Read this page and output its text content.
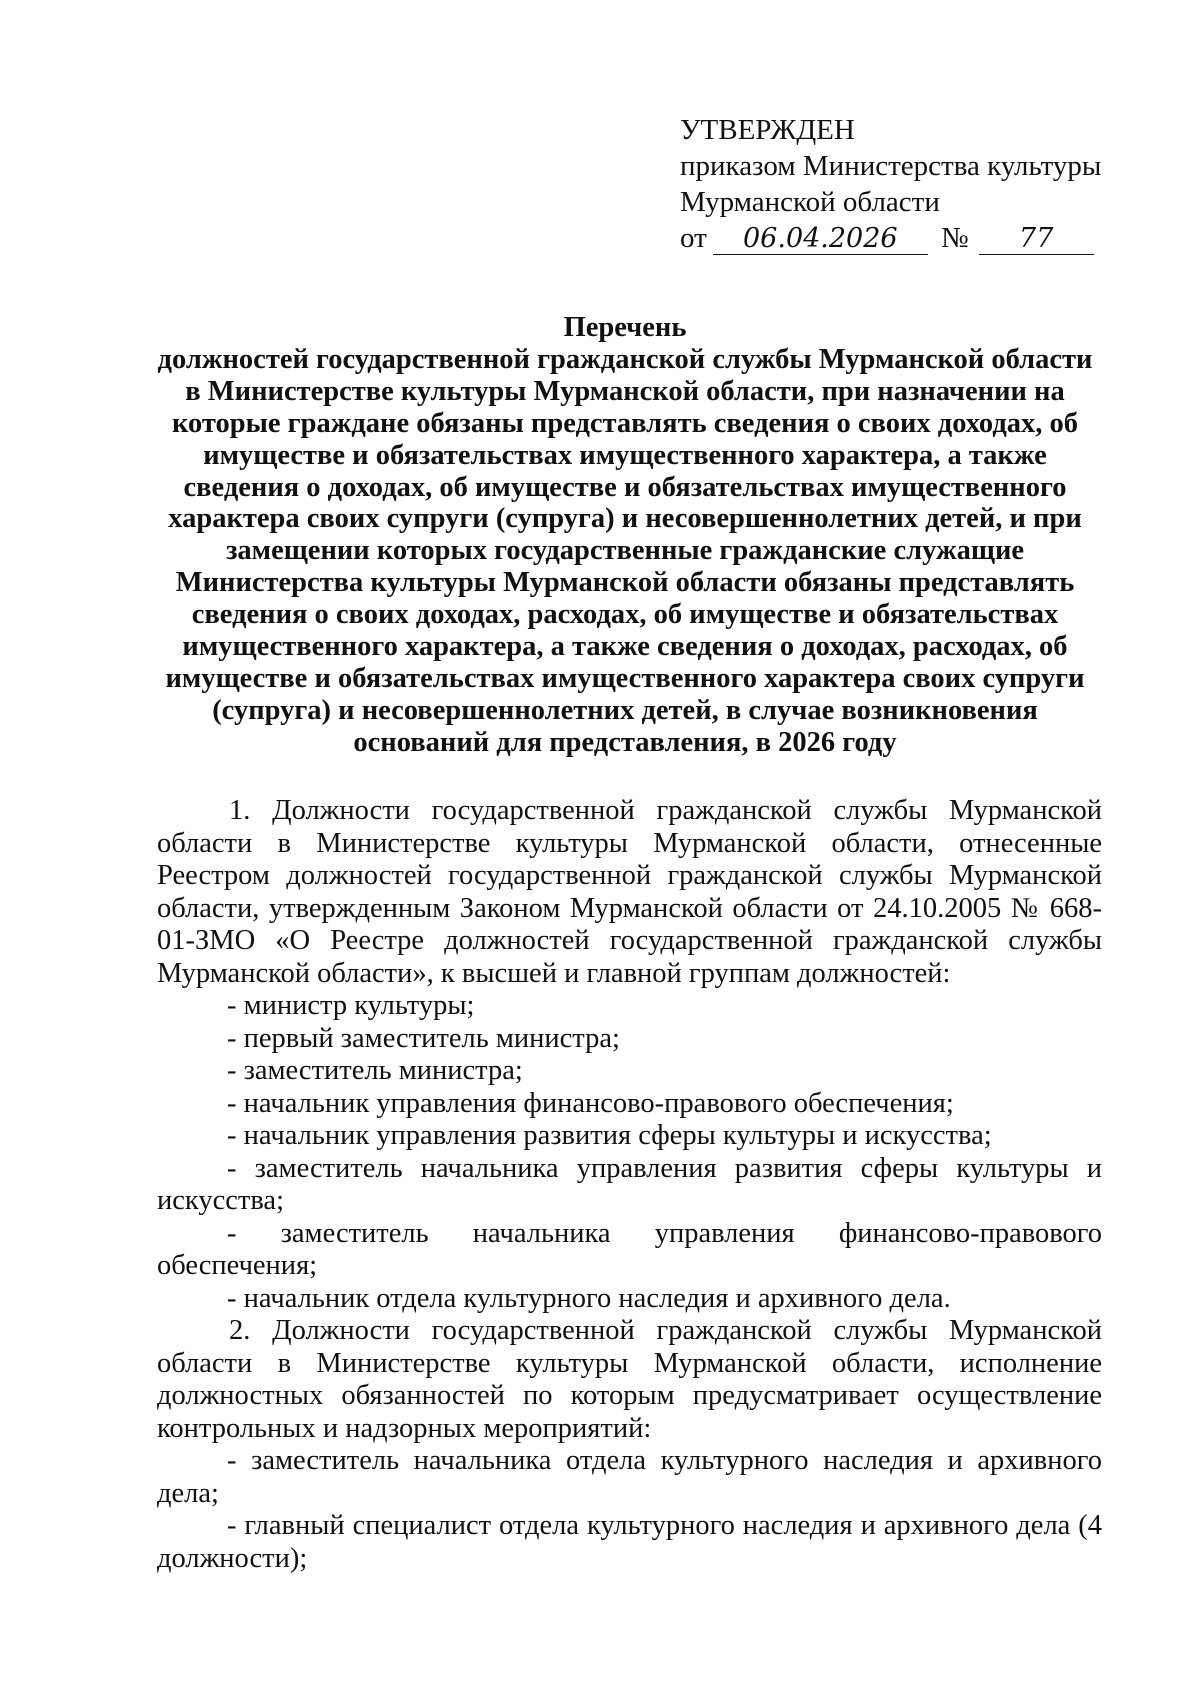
УТВЕРЖДЕН
приказом Министерства культуры
Мурманской области
от 06.04.2026 № 77
Перечень
должностей государственной гражданской службы Мурманской области в Министерстве культуры Мурманской области, при назначении на которые граждане обязаны представлять сведения о своих доходах, об имуществе и обязательствах имущественного характера, а также сведения о доходах, об имуществе и обязательствах имущественного характера своих супруги (супруга) и несовершеннолетних детей, и при замещении которых государственные гражданские служащие Министерства культуры Мурманской области обязаны представлять сведения о своих доходах, расходах, об имуществе и обязательствах имущественного характера, а также сведения о доходах, расходах, об имуществе и обязательствах имущественного характера своих супруги (супруга) и несовершеннолетних детей, в случае возникновения оснований для представления, в 2026 году

1. Должности государственной гражданской службы Мурманской области в Министерстве культуры Мурманской области, отнесенные Реестром должностей государственной гражданской службы Мурманской области, утвержденным Законом Мурманской области от 24.10.2005 № 668-01-ЗМО «О Реестре должностей государственной гражданской службы Мурманской области», к высшей и главной группам должностей:

- министр культуры;

- первый заместитель министра;

- заместитель министра;

- начальник управления финансово-правового обеспечения;

- начальник управления развития сферы культуры и искусства;

- заместитель начальника управления развития сферы культуры и искусства;

- заместитель начальника управления финансово-правового обеспечения;

- начальник отдела культурного наследия и архивного дела.

2. Должности государственной гражданской службы Мурманской области в Министерстве культуры Мурманской области, исполнение должностных обязанностей по которым предусматривает осуществление контрольных и надзорных мероприятий:

- заместитель начальника отдела культурного наследия и архивного дела;

- главный специалист отдела культурного наследия и архивного дела (4 должности);
